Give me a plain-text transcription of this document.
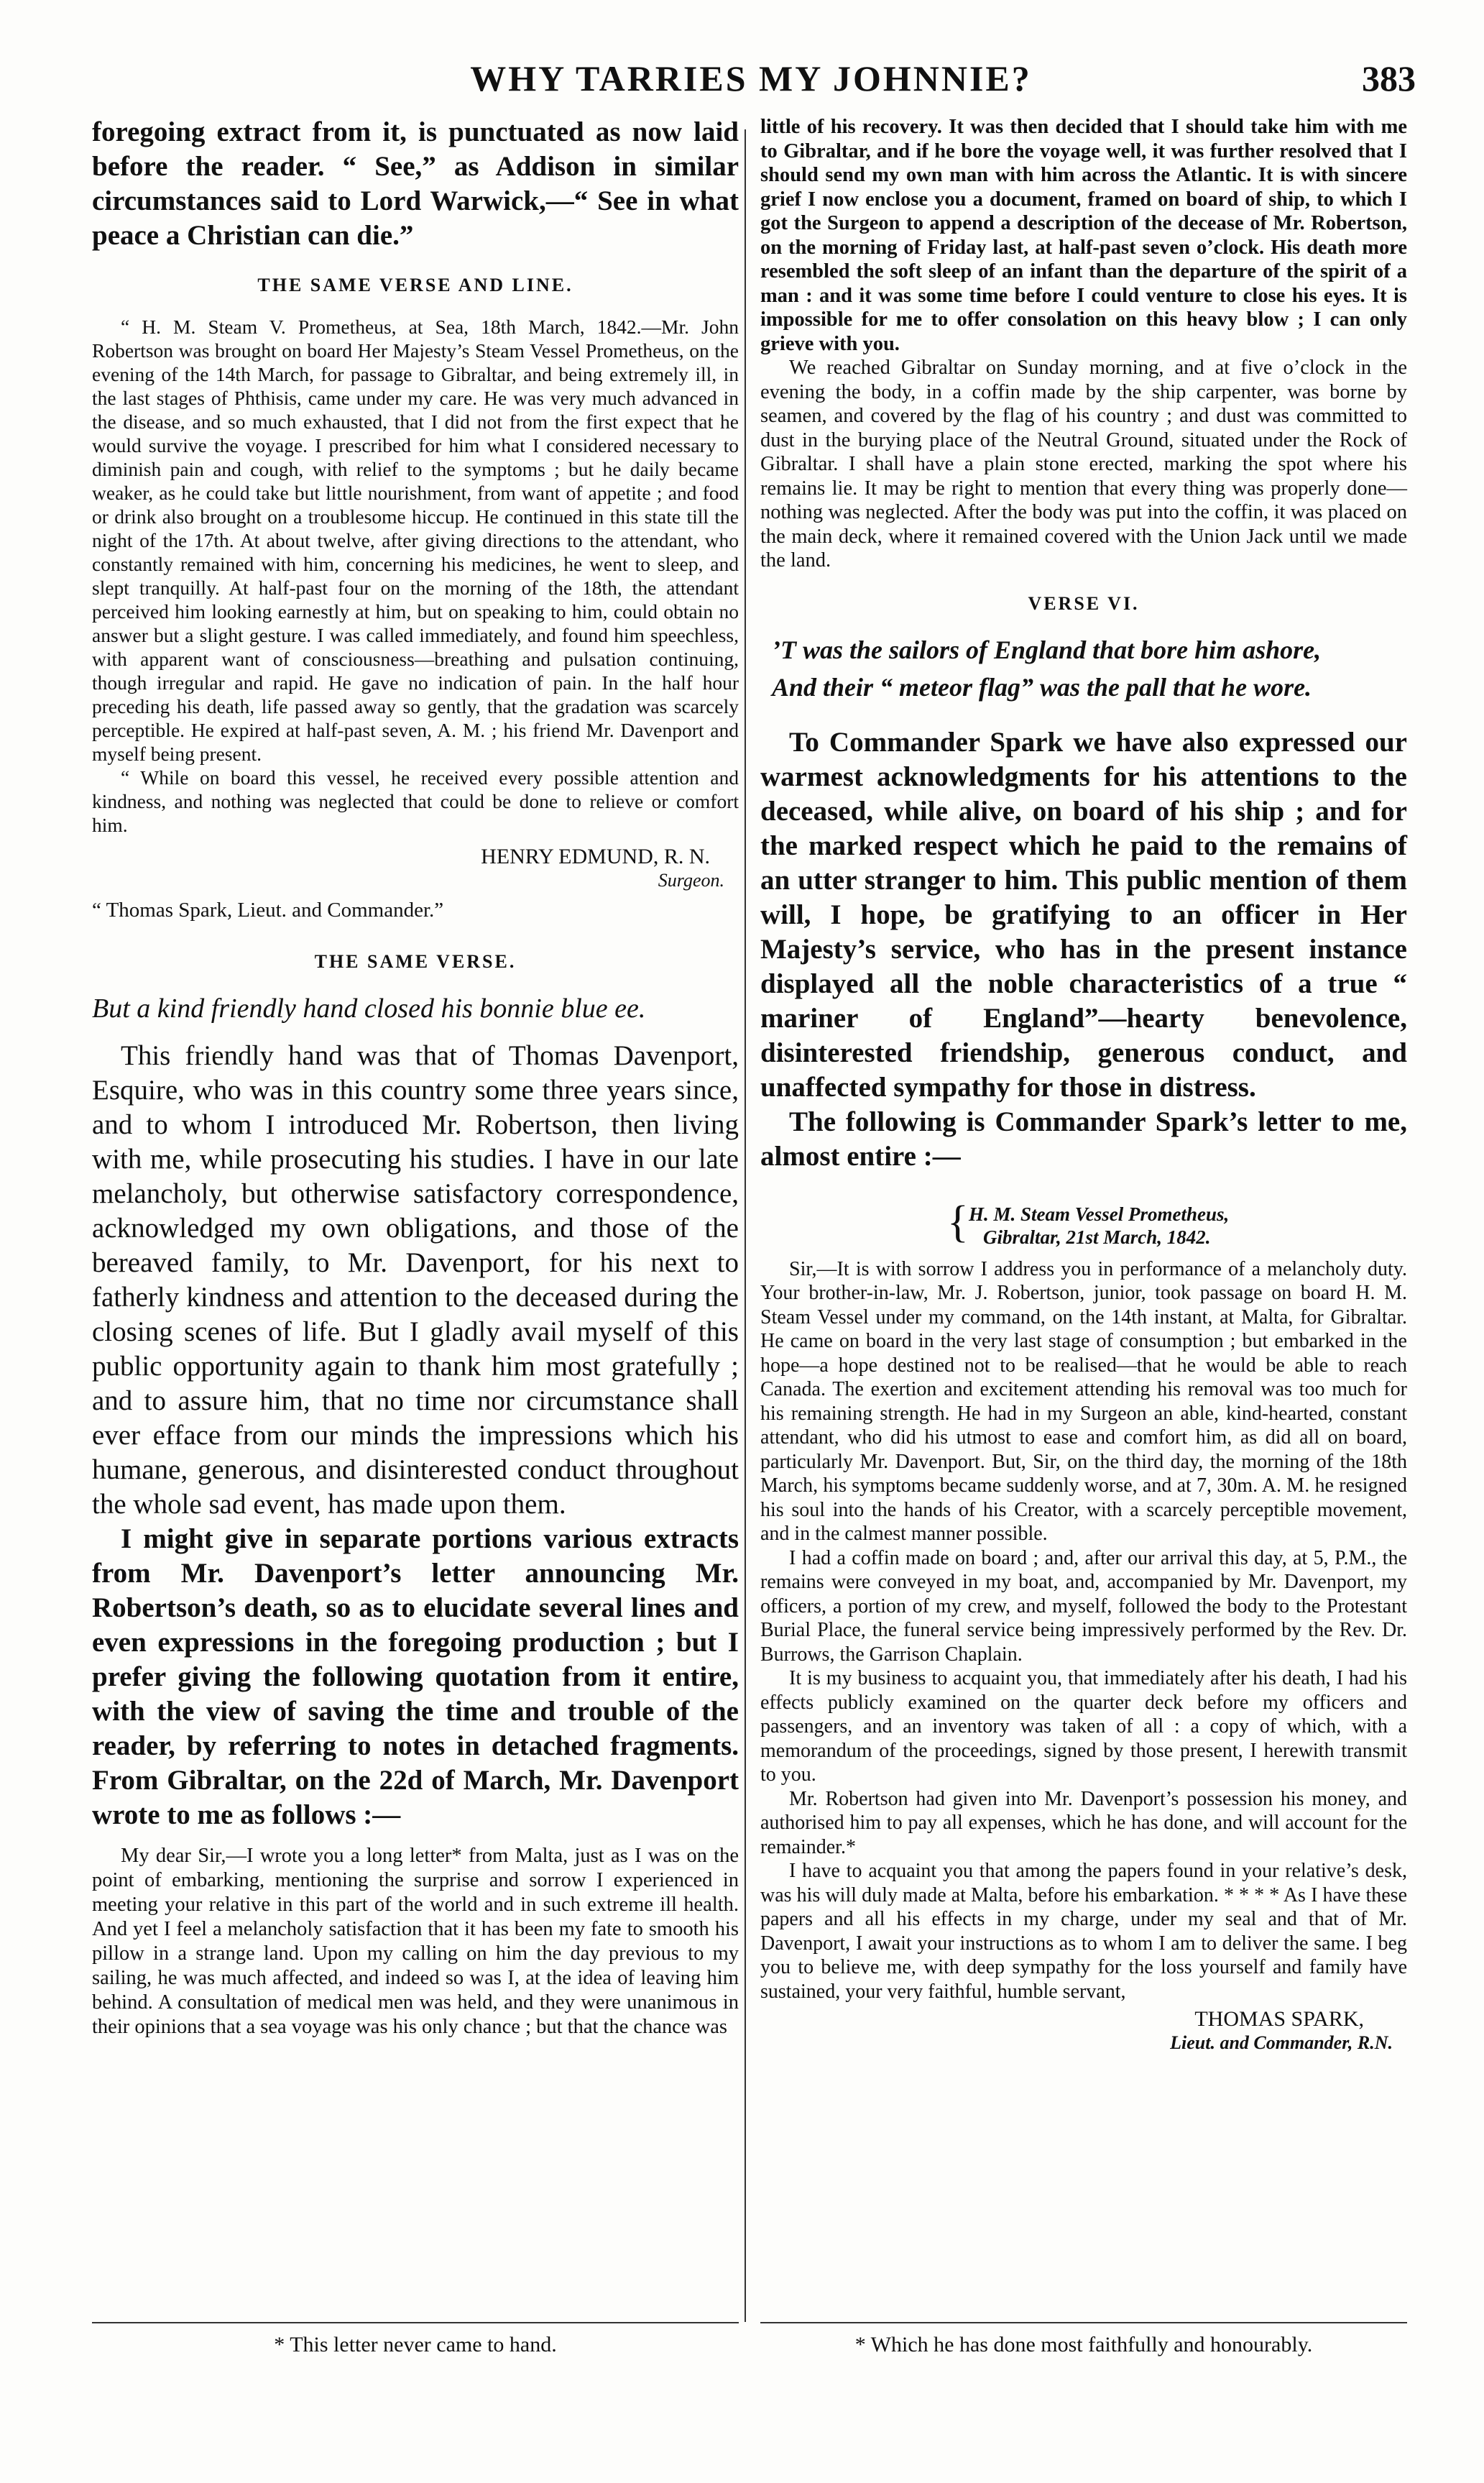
WHY TARRIES MY JOHNNIE?	383

foregoing extract from it, is punctuated as now laid before the reader. “ See,” as Addison in similar circumstances said to Lord Warwick,—“ See in what peace a Christian can die.”

THE SAME VERSE AND LINE.

“ H. M. Steam V. Prometheus, at Sea, 18th March, 1842.—Mr. John Robertson was brought on board Her Majesty’s Steam Vessel Prometheus, on the evening of the 14th March, for passage to Gibraltar, and being extremely ill, in the last stages of Phthisis, came under my care. He was very much advanced in the disease, and so much exhausted, that I did not from the first expect that he would survive the voyage. I prescribed for him what I considered necessary to diminish pain and cough, with relief to the symptoms ; but he daily became weaker, as he could take but little nourishment, from want of appetite ; and food or drink also brought on a troublesome hiccup. He continued in this state till the night of the 17th. At about twelve, after giving directions to the attendant, who constantly remained with him, concerning his medicines, he went to sleep, and slept tranquilly. At half-past four on the morning of the 18th, the attendant perceived him looking earnestly at him, but on speaking to him, could obtain no answer but a slight gesture. I was called immediately, and found him speechless, with apparent want of consciousness—breathing and pulsation continuing, though irregular and rapid. He gave no indication of pain. In the half hour preceding his death, life passed away so gently, that the gradation was scarcely perceptible. He expired at half-past seven, A. M. ; his friend Mr. Davenport and myself being present.

“ While on board this vessel, he received every possible attention and kindness, and nothing was neglected that could be done to relieve or comfort him.

HENRY EDMUND, R. N.
Surgeon.

“ Thomas Spark, Lieut. and Commander.”

THE SAME VERSE.

But a kind friendly hand closed his bonnie blue ee.

This friendly hand was that of Thomas Davenport, Esquire, who was in this country some three years since, and to whom I introduced Mr. Robertson, then living with me, while prosecuting his studies. I have in our late melancholy, but otherwise satisfactory correspondence, acknowledged my own obligations, and those of the bereaved family, to Mr. Davenport, for his next to fatherly kindness and attention to the deceased during the closing scenes of life. But I gladly avail myself of this public opportunity again to thank him most gratefully ; and to assure him, that no time nor circumstance shall ever efface from our minds the impressions which his humane, generous, and disinterested conduct throughout the whole sad event, has made upon them.

I might give in separate portions various extracts from Mr. Davenport’s letter announcing Mr. Robertson’s death, so as to elucidate several lines and even expressions in the foregoing production ; but I prefer giving the following quotation from it entire, with the view of saving the time and trouble of the reader, by referring to notes in detached fragments. From Gibraltar, on the 22d of March, Mr. Davenport wrote to me as follows :—

My dear Sir,—I wrote you a long letter* from Malta, just as I was on the point of embarking, mentioning the surprise and sorrow I experienced in meeting your relative in this part of the world and in such extreme ill health. And yet I feel a melancholy satisfaction that it has been my fate to smooth his pillow in a strange land. Upon my calling on him the day previous to my sailing, he was much affected, and indeed so was I, at the idea of leaving him behind. A consultation of medical men was held, and they were unanimous in their opinions that a sea voyage was his only chance ; but that the chance was

* This letter never came to hand.

little of his recovery. It was then decided that I should take him with me to Gibraltar, and if he bore the voyage well, it was further resolved that I should send my own man with him across the Atlantic. It is with sincere grief I now enclose you a document, framed on board of ship, to which I got the Surgeon to append a description of the decease of Mr. Robertson, on the morning of Friday last, at half-past seven o’clock. His death more resembled the soft sleep of an infant than the departure of the spirit of a man : and it was some time before I could venture to close his eyes. It is impossible for me to offer consolation on this heavy blow ; I can only grieve with you.

We reached Gibraltar on Sunday morning, and at five o’clock in the evening the body, in a coffin made by the ship carpenter, was borne by seamen, and covered by the flag of his country ; and dust was committed to dust in the burying place of the Neutral Ground, situated under the Rock of Gibraltar. I shall have a plain stone erected, marking the spot where his remains lie. It may be right to mention that every thing was properly done—nothing was neglected. After the body was put into the coffin, it was placed on the main deck, where it remained covered with the Union Jack until we made the land.

VERSE VI.

’T was the sailors of England that bore him ashore,

And their “ meteor flag” was the pall that he wore.

To Commander Spark we have also expressed our warmest acknowledgments for his attentions to the deceased, while alive, on board of his ship ; and for the marked respect which he paid to the remains of an utter stranger to him. This public mention of them will, I hope, be gratifying to an officer in Her Majesty’s service, who has in the present instance displayed all the noble characteristics of a true “ mariner of England”—hearty benevolence, disinterested friendship, generous conduct, and unaffected sympathy for those in distress.

The following is Commander Spark’s letter to me, almost entire :—

{ H. M. Steam Vessel Prometheus,
Gibraltar, 21st March, 1842.

Sir,—It is with sorrow I address you in performance of a melancholy duty. Your brother-in-law, Mr. J. Robertson, junior, took passage on board H. M. Steam Vessel under my command, on the 14th instant, at Malta, for Gibraltar. He came on board in the very last stage of consumption ; but embarked in the hope—a hope destined not to be realised—that he would be able to reach Canada. The exertion and excitement attending his removal was too much for his remaining strength. He had in my Surgeon an able, kind-hearted, constant attendant, who did his utmost to ease and comfort him, as did all on board, particularly Mr. Davenport. But, Sir, on the third day, the morning of the 18th March, his symptoms became suddenly worse, and at 7, 30m. A. M. he resigned his soul into the hands of his Creator, with a scarcely perceptible movement, and in the calmest manner possible.

I had a coffin made on board ; and, after our arrival this day, at 5, P.M., the remains were conveyed in my boat, and, accompanied by Mr. Davenport, my officers, a portion of my crew, and myself, followed the body to the Protestant Burial Place, the funeral service being impressively performed by the Rev. Dr. Burrows, the Garrison Chaplain.

It is my business to acquaint you, that immediately after his death, I had his effects publicly examined on the quarter deck before my officers and passengers, and an inventory was taken of all : a copy of which, with a memorandum of the proceedings, signed by those present, I herewith transmit to you.

Mr. Robertson had given into Mr. Davenport’s possession his money, and authorised him to pay all expenses, which he has done, and will account for the remainder.*

I have to acquaint you that among the papers found in your relative’s desk, was his will duly made at Malta, before his embarkation. * * * * As I have these papers and all his effects in my charge, under my seal and that of Mr. Davenport, I await your instructions as to whom I am to deliver the same. I beg you to believe me, with deep sympathy for the loss yourself and family have sustained, your very faithful, humble servant,

THOMAS SPARK,
Lieut. and Commander, R.N.
* Which he has done most faithfully and honourably.
